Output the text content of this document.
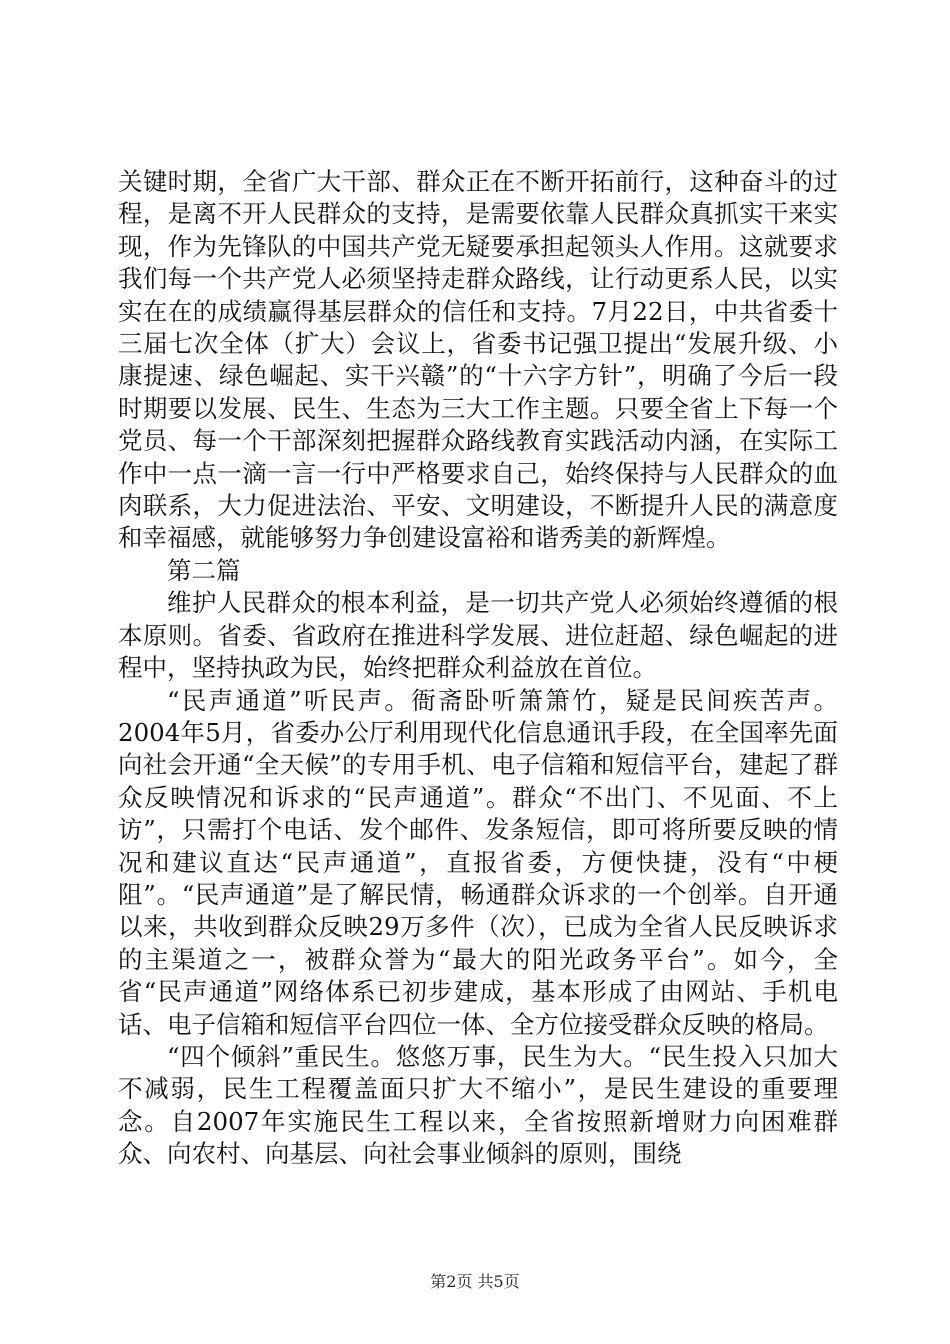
关键时期，全省广大干部、群众正在不断开拓前行，这种奋斗的过程，是离不开人民群众的支持，是需要依靠人民群众真抓实干来实现，作为先锋队的中国共产党无疑要承担起领头人作用。这就要求我们每一个共产党人必须坚持走群众路线，让行动更系人民，以实实在在的成绩赢得基层群众的信任和支持。7月22日，中共省委十三届七次全体（扩大）会议上，省委书记强卫提出“发展升级、小康提速、绿色崛起、实干兴赣”的“十六字方针”，明确了今后一段时期要以发展、民生、生态为三大工作主题。只要全省上下每一个党员、每一个干部深刻把握群众路线教育实践活动内涵，在实际工作中一点一滴一言一行中严格要求自己，始终保持与人民群众的血肉联系，大力促进法治、平安、文明建设，不断提升人民的满意度和幸福感，就能够努力争创建设富裕和谐秀美的新辉煌。

第二篇

维护人民群众的根本利益，是一切共产党人必须始终遵循的根本原则。省委、省政府在推进科学发展、进位赶超、绿色崛起的进程中，坚持执政为民，始终把群众利益放在首位。

“民声通道”听民声。衙斋卧听箫箫竹，疑是民间疾苦声。2004年5月，省委办公厅利用现代化信息通讯手段，在全国率先面向社会开通“全天候”的专用手机、电子信箱和短信平台，建起了群众反映情况和诉求的“民声通道”。群众“不出门、不见面、不上访”，只需打个电话、发个邮件、发条短信，即可将所要反映的情况和建议直达“民声通道”，直报省委，方便快捷，没有“中梗阻”。“民声通道”是了解民情，畅通群众诉求的一个创举。自开通以来，共收到群众反映29万多件（次），已成为全省人民反映诉求的主渠道之一，被群众誉为“最大的阳光政务平台”。如今，全省“民声通道”网络体系已初步建成，基本形成了由网站、手机电话、电子信箱和短信平台四位一体、全方位接受群众反映的格局。

“四个倾斜”重民生。悠悠万事，民生为大。“民生投入只加大不减弱，民生工程覆盖面只扩大不缩小”，是民生建设的重要理念。自2007年实施民生工程以来，全省按照新增财力向困难群众、向农村、向基层、向社会事业倾斜的原则，围绕

第2页 共5页
